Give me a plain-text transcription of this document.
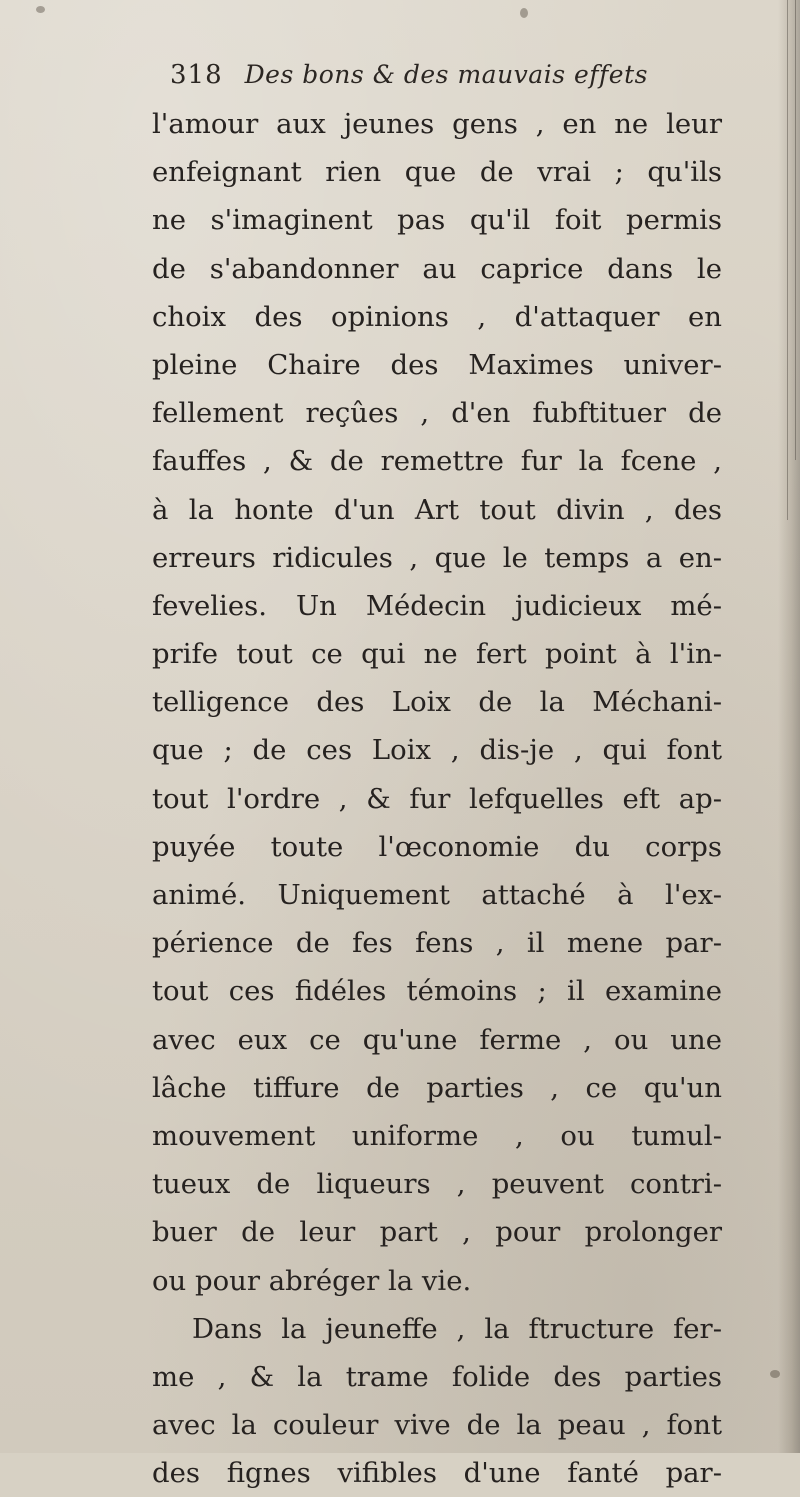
318 Des bons & des mauvais effets
l'amour aux jeunes gens , en ne leur
enfeignant rien que de vrai ; qu'ils
ne s'imaginent pas qu'il foit permis
de s'abandonner au caprice dans le
choix des opinions , d'attaquer en
pleine Chaire des Maximes univer-
fellement reçûes , d'en fubftituer de
fauffes , & de remettre fur la fcene ,
à la honte d'un Art tout divin , des
erreurs ridicules , que le temps a en-
fevelies. Un Médecin judicieux mé-
prife tout ce qui ne fert point à l'in-
telligence des Loix de la Méchani-
que ; de ces Loix , dis-je , qui font
tout l'ordre , & fur lefquelles eft ap-
puyée toute l'œconomie du corps
animé. Uniquement attaché à l'ex-
périence de fes fens , il mene par-
tout ces fidéles témoins ; il examine
avec eux ce qu'une ferme , ou une
lâche tiffure de parties , ce qu'un
mouvement uniforme , ou tumul-
tueux de liqueurs , peuvent contri-
buer de leur part , pour prolonger
ou pour abréger la vie.
Dans la jeuneffe , la ftructure fer-
me , & la trame folide des parties
avec la couleur vive de la peau , font
des fignes vifibles d'une fanté par-
